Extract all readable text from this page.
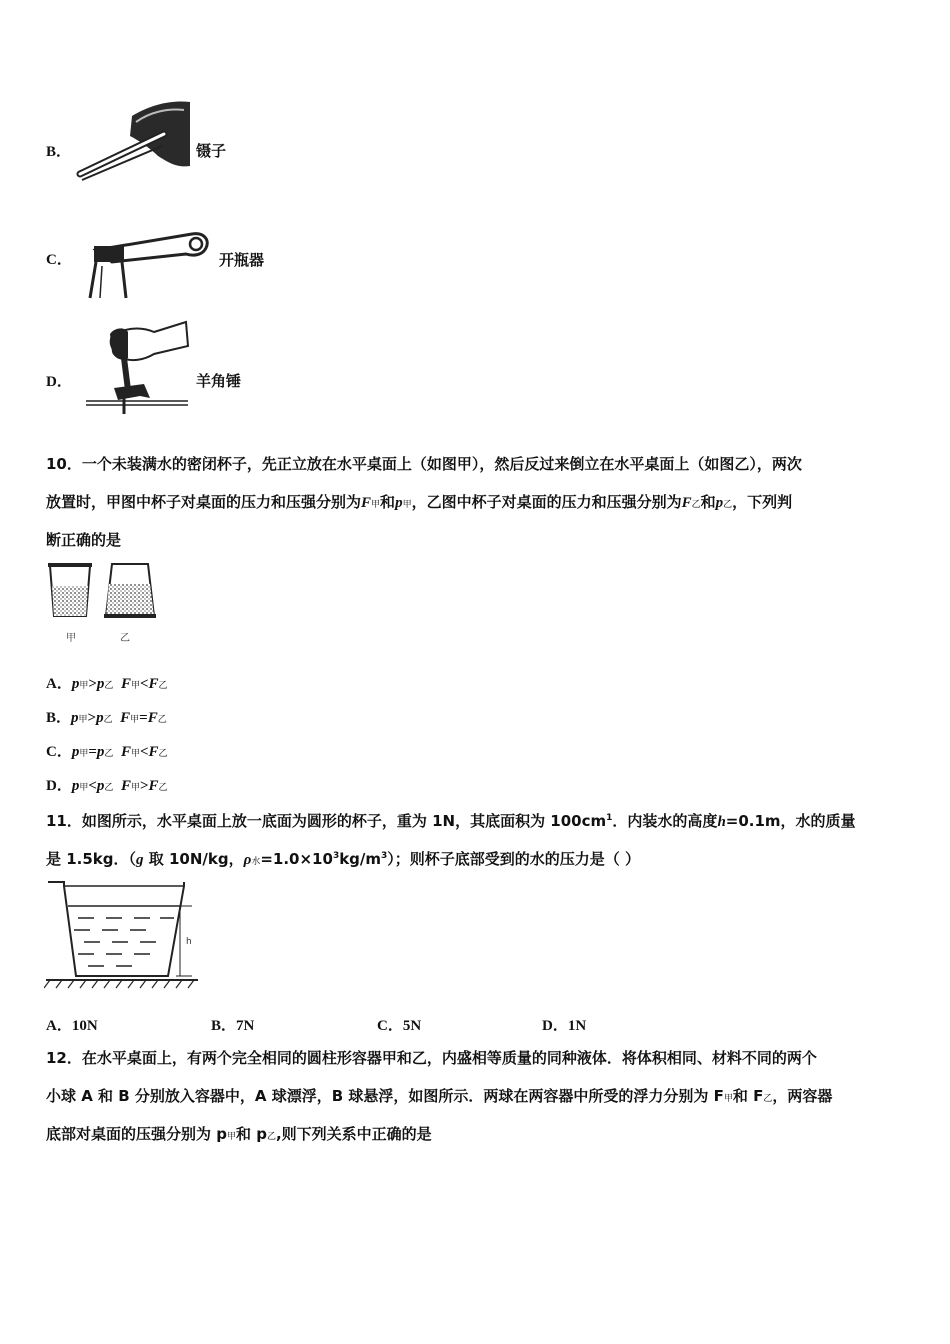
B．	镊子
C．	开瓶器
D．	羊角锤
10．一个未装满水的密闭杯子，先正立放在水平桌面上（如图甲），然后反过来倒立在水平桌面上（如图乙），两次
放置时，甲图中杯子对桌面的压力和压强分别为F甲和p甲，乙图中杯子对桌面的压力和压强分别为F乙和p乙，下列判
断正确的是
甲	乙
A．p甲>p乙 F甲<F乙
B．p甲>p乙 F甲=F乙
C．p甲=p乙 F甲<F乙
D．p甲<p乙 F甲>F乙
11．如图所示，水平桌面上放一底面为圆形的杯子，重为 1N，其底面积为 $100cm^1$．内装水的高度h=0.1m，水的质量
是 1.5kg．（g 取 10N/kg，ρ水$=1.0\times 10^3kg/m^3$）；则杯子底部受到的水的压力是（ ）
h
A．10N	B．7N	C．5N	D．1N
12．在水平桌面上，有两个完全相同的圆柱形容器甲和乙，内盛相等质量的同种液体．将体积相同、材料不同的两个
小球 A 和 B 分别放入容器中，A 球漂浮，B 球悬浮，如图所示．两球在两容器中所受的浮力分别为 F甲和 F乙，两容器
底部对桌面的压强分别为 p甲和 p乙,则下列关系中正确的是
